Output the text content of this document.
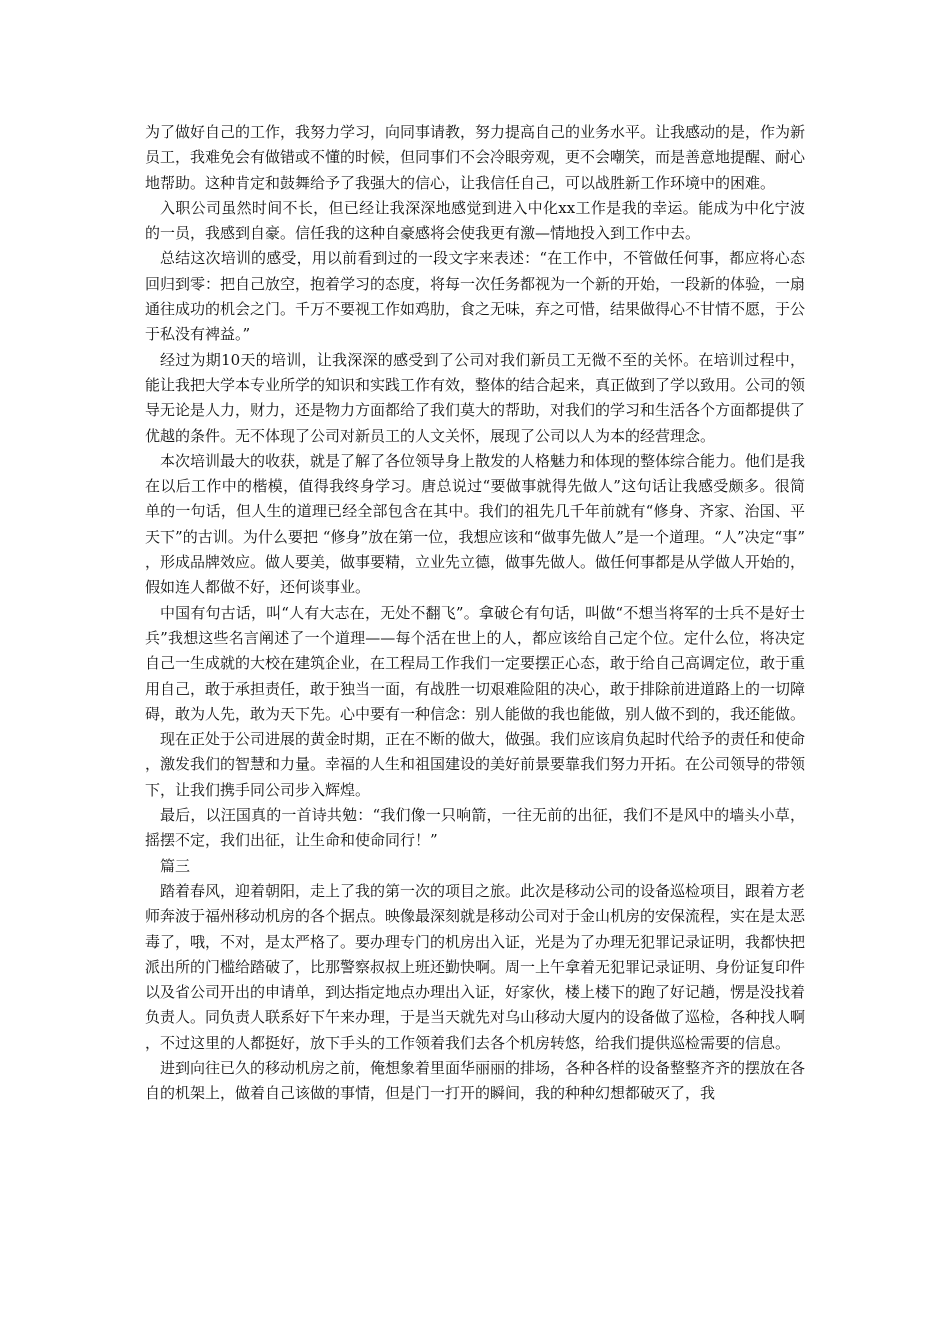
为了做好自己的工作，我努力学习，向同事请教，努力提高自己的业务水平。让我感动的是，作为新员工，我难免会有做错或不懂的时候，但同事们不会冷眼旁观，更不会嘲笑，而是善意地提醒、耐心地帮助。这种肯定和鼓舞给予了我强大的信心，让我信任自己，可以战胜新工作环境中的困难。

入职公司虽然时间不长，但已经让我深深地感觉到进入中化xx工作是我的幸运。能成为中化宁波的一员，我感到自豪。信任我的这种自豪感将会使我更有激—情地投入到工作中去。

总结这次培训的感受，用以前看到过的一段文字来表述：“在工作中，不管做任何事，都应将心态回归到零：把自己放空，抱着学习的态度，将每一次任务都视为一个新的开始，一段新的体验，一扇通往成功的机会之门。千万不要视工作如鸡肋，食之无味，弃之可惜，结果做得心不甘情不愿，于公于私没有裨益。”

经过为期10天的培训，让我深深的感受到了公司对我们新员工无微不至的关怀。在培训过程中，能让我把大学本专业所学的知识和实践工作有效，整体的结合起来，真正做到了学以致用。公司的领导无论是人力，财力，还是物力方面都给了我们莫大的帮助，对我们的学习和生活各个方面都提供了优越的条件。无不体现了公司对新员工的人文关怀，展现了公司以人为本的经营理念。

本次培训最大的收获，就是了解了各位领导身上散发的人格魅力和体现的整体综合能力。他们是我在以后工作中的楷模，值得我终身学习。唐总说过“要做事就得先做人”这句话让我感受颇多。很简单的一句话，但人生的道理已经全部包含在其中。我们的祖先几千年前就有“修身、齐家、治国、平天下”的古训。为什么要把 “修身”放在第一位，我想应该和“做事先做人”是一个道理。“人”决定“事”，形成品牌效应。做人要美，做事要精，立业先立德，做事先做人。做任何事都是从学做人开始的，假如连人都做不好，还何谈事业。

中国有句古话，叫“人有大志在，无处不翻飞”。拿破仑有句话，叫做“不想当将军的士兵不是好士兵”我想这些名言阐述了一个道理——每个活在世上的人，都应该给自己定个位。定什么位，将决定自己一生成就的大校在建筑企业，在工程局工作我们一定要摆正心态，敢于给自己高调定位，敢于重用自己，敢于承担责任，敢于独当一面，有战胜一切艰难险阻的决心，敢于排除前进道路上的一切障碍，敢为人先，敢为天下先。心中要有一种信念：别人能做的我也能做，别人做不到的，我还能做。

现在正处于公司进展的黄金时期，正在不断的做大，做强。我们应该肩负起时代给予的责任和使命，激发我们的智慧和力量。幸福的人生和祖国建设的美好前景要靠我们努力开拓。在公司领导的带领下，让我们携手同公司步入辉煌。

最后，以汪国真的一首诗共勉：“我们像一只响箭，一往无前的出征，我们不是风中的墙头小草，摇摆不定，我们出征，让生命和使命同行！”

篇三

踏着春风，迎着朝阳，走上了我的第一次的项目之旅。此次是移动公司的设备巡检项目，跟着方老师奔波于福州移动机房的各个据点。映像最深刻就是移动公司对于金山机房的安保流程，实在是太恶毒了，哦，不对，是太严格了。要办理专门的机房出入证，光是为了办理无犯罪记录证明，我都快把派出所的门槛给踏破了，比那警察叔叔上班还勤快啊。周一上午拿着无犯罪记录证明、身份证复印件以及省公司开出的申请单，到达指定地点办理出入证，好家伙，楼上楼下的跑了好记趟，愣是没找着负责人。同负责人联系好下午来办理，于是当天就先对乌山移动大厦内的设备做了巡检，各种找人啊，不过这里的人都挺好，放下手头的工作领着我们去各个机房转悠，给我们提供巡检需要的信息。

进到向往已久的移动机房之前，俺想象着里面华丽丽的排场，各种各样的设备整整齐齐的摆放在各自的机架上，做着自己该做的事情，但是门一打开的瞬间，我的种种幻想都破灭了，我
